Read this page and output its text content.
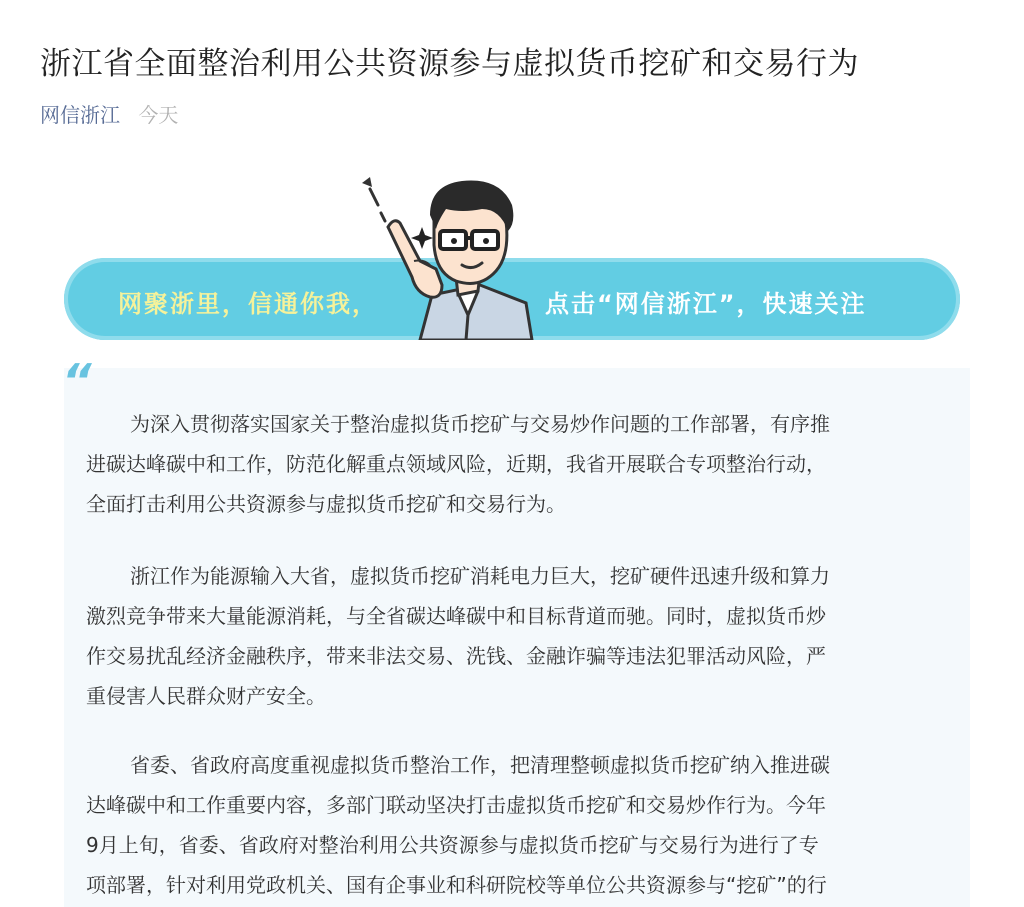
浙江省全面整治利用公共资源参与虚拟货币挖矿和交易行为
网信浙江 今天
网聚浙里，信通你我，	点击“网信浙江”，快速关注
“

为深入贯彻落实国家关于整治虚拟货币挖矿与交易炒作问题的工作部署，有序推
进碳达峰碳中和工作，防范化解重点领域风险，近期，我省开展联合专项整治行动，
全面打击利用公共资源参与虚拟货币挖矿和交易行为。

浙江作为能源输入大省，虚拟货币挖矿消耗电力巨大，挖矿硬件迅速升级和算力
激烈竞争带来大量能源消耗，与全省碳达峰碳中和目标背道而驰。同时，虚拟货币炒
作交易扰乱经济金融秩序，带来非法交易、洗钱、金融诈骗等违法犯罪活动风险，严
重侵害人民群众财产安全。

省委、省政府高度重视虚拟货币整治工作，把清理整顿虚拟货币挖矿纳入推进碳
达峰碳中和工作重要内容，多部门联动坚决打击虚拟货币挖矿和交易炒作行为。今年
9月上旬，省委、省政府对整治利用公共资源参与虚拟货币挖矿与交易行为进行了专
项部署，针对利用党政机关、国有企事业和科研院校等单位公共资源参与“挖矿”的行
